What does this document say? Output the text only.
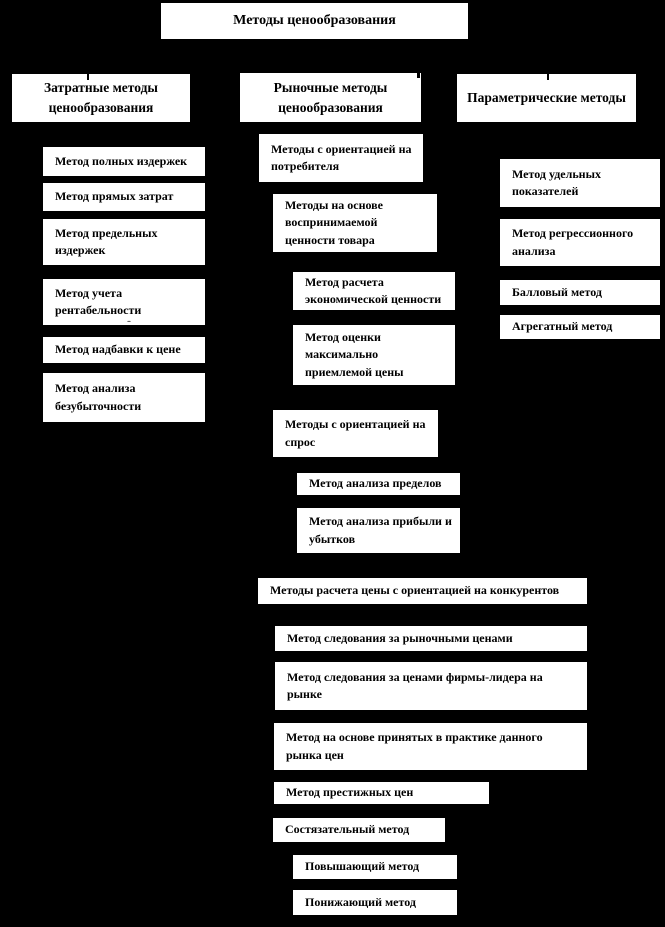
Методы ценообразования
Затратные методы ценообразования
Рыночные методы ценообразования
Параметрические методы
Метод полных издержек
Метод прямых затрат
Метод предельных издержек
Метод учета рентабельности
..
Метод надбавки к цене
Метод анализа безубыточности
Методы с ориентацией на потребителя
Методы на основе воспринимаемой ценности товара
Метод расчета экономической ценности
Метод оценки максимально приемлемой цены
Методы с ориентацией на спрос
Метод анализа пределов
Метод анализа прибыли и убытков
Метод удельных показателей
Метод регрессионного анализа
Балловый метод
Агрегатный метод
Методы расчета цены с ориентацией на конкурентов
Метод следования за рыночными ценами
Метод следования за ценами фирмы-лидера на рынке
Метод на основе принятых в практике данного рынка цен
Метод престижных цен
Состязательный метод
Повышающий метод
Понижающий метод
